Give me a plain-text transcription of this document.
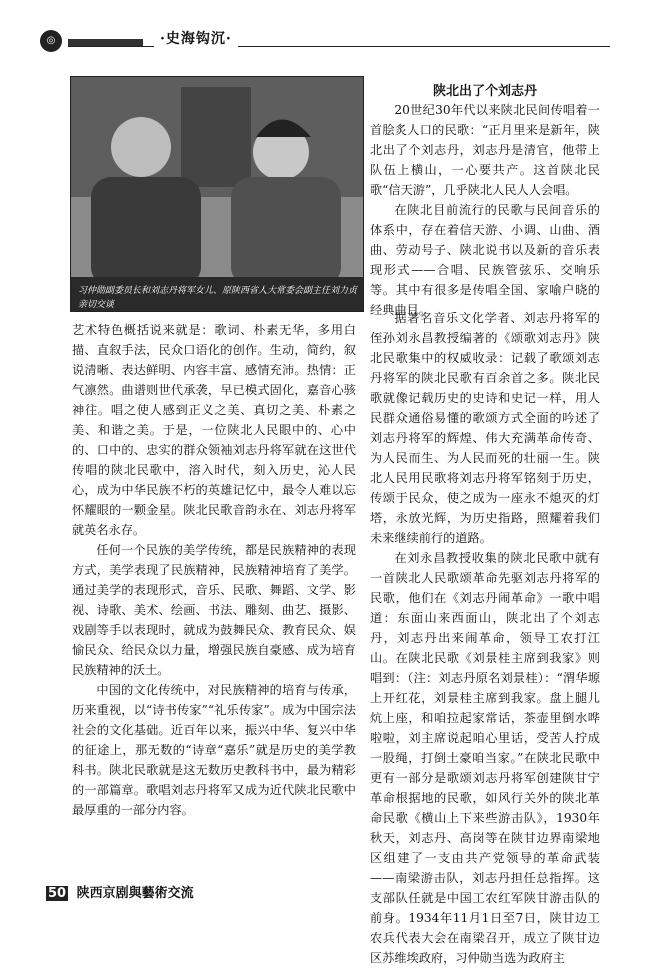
◎	·史海钩沉·
习仲勋副委员长和刘志丹将军女儿、原陕西省人大常委会副主任刘力贞亲切交谈
陕北出了个刘志丹

20世纪30年代以来陕北民间传唱着一首脍炙人口的民歌：“正月里来是新年，陕北出了个刘志丹，刘志丹是清官，他带上队伍上横山，一心要共产。这首陕北民歌“信天游”，几乎陕北人民人人会唱。

在陕北目前流行的民歌与民间音乐的体系中，存在着信天游、小调、山曲、酒曲、劳动号子、陕北说书以及新的音乐表现形式——合唱、民族管弦乐、交响乐等。其中有很多是传唱全国、家喻户晓的经典曲目。

艺术特色概括说来就是：歌词、朴素无华，多用白描、直叙手法，民众口语化的创作。生动，简约，叙说清晰、表达鲜明、内容丰富、感情充沛。热情：正气凛然。曲谱则世代承袭，早已模式固化，嘉音心骇神往。唱之使人感到正义之美、真切之美、朴素之美、和谐之美。于是，一位陕北人民眼中的、心中的、口中的、忠实的群众领袖刘志丹将军就在这世代传唱的陕北民歌中，溶入时代，刻入历史，沁人民心，成为中华民族不朽的英雄记忆中，最令人难以忘怀耀眼的一颗金星。陕北民歌音韵永在、刘志丹将军就英名永存。

任何一个民族的美学传统，都是民族精神的表现方式，美学表现了民族精神，民族精神培育了美学。通过美学的表现形式，音乐、民歌、舞蹈、文学、影视、诗歌、美术、绘画、书法、雕刻、曲艺、摄影、戏剧等手以表现时，就成为鼓舞民众、教育民众、娱愉民众、给民众以力量，增强民族自豪感、成为培育民族精神的沃土。

中国的文化传统中，对民族精神的培育与传承，历来重视，以“诗书传家”“礼乐传家”。成为中国宗法社会的文化基础。近百年以来，振兴中华、复兴中华的征途上，那无数的“诗章“嘉乐”就是历史的美学教科书。陕北民歌就是这无数历史教科书中，最为精彩的一部篇章。歌唱刘志丹将军又成为近代陕北民歌中最厚重的一部分内容。

据著名音乐文化学者、刘志丹将军的侄孙刘永昌教授编著的《颂歌刘志丹》陕北民歌集中的权威收录：记载了歌颂刘志丹将军的陕北民歌有百余首之多。陕北民歌就像记载历史的史诗和史记一样，用人民群众通俗易懂的歌颂方式全面的吟述了刘志丹将军的辉煌、伟大充满革命传奇、为人民而生、为人民而死的壮丽一生。陕北人民用民歌将刘志丹将军铭刻于历史，传颂于民众，使之成为一座永不熄灭的灯塔，永放光辉，为历史指路，照耀着我们未来继续前行的道路。

在刘永昌教授收集的陕北民歌中就有一首陕北人民歌颂革命先驱刘志丹将军的民歌，他们在《刘志丹闹革命》一歌中唱道：东面山来西面山，陕北出了个刘志丹，刘志丹出来闹革命，领导工农打江山。在陕北民歌《刘景桂主席到我家》则唱到：（注：刘志丹原名刘景桂）：“渭华塬上开红花，刘景桂主席到我家。盘上腿儿炕上座，和咱拉起家常话，茶壶里倒水哗啦啦，刘主席说起咱心里话，受苦人拧成一股绳，打倒土豪咱当家。”在陕北民歌中更有一部分是歌颂刘志丹将军创建陕甘宁革命根据地的民歌，如风行关外的陕北革命民歌《横山上下来些游击队》，1930年秋天，刘志丹、高岗等在陕甘边界南梁地区组建了一支由共产党领导的革命武装——南梁游击队，刘志丹担任总指挥。这支部队任就是中国工农红军陕甘游击队的前身。1934年11月1日至7日，陕甘边工农兵代表大会在南梁召开，成立了陕甘边区苏维埃政府，习仲勋当选为政府主

50 陕西京剧與藝術交流
